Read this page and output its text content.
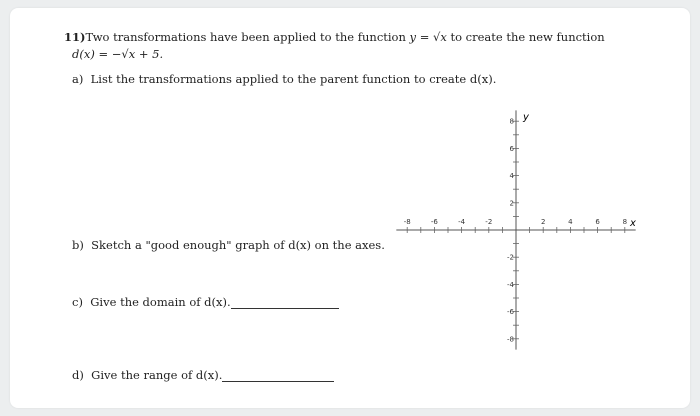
11)Two transformations have been applied to the function y = √x to create the new function
d(x) = −√x + 5.
a) List the transformations applied to the parent function to create d(x).
b) Sketch a "good enough" graph of d(x) on the axes.
c) Give the domain of d(x).
d) Give the range of d(x).
-8	-6	-4	-2	2	4	6	8
8
6
4
2
-2
-4
-6
-8
x
y
